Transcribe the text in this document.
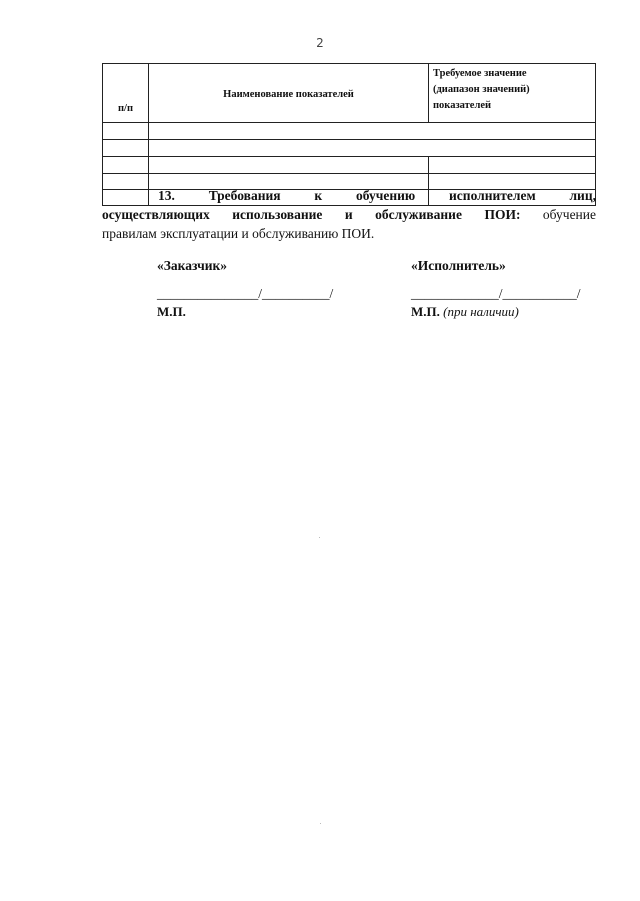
2
п/п	Наименование показателей	Требуемое значение
(диапазон значений)
показателей

13.	Требования	к	обучению	исполнителем	лиц,
осуществляющих использование и обслуживание ПОИ: обучение
правилам эксплуатации и обслуживанию ПОИ.
«Заказчик»	«Исполнитель»
_______________/__________/	_____________/___________/
М.П.	М.П. (при наличии)
